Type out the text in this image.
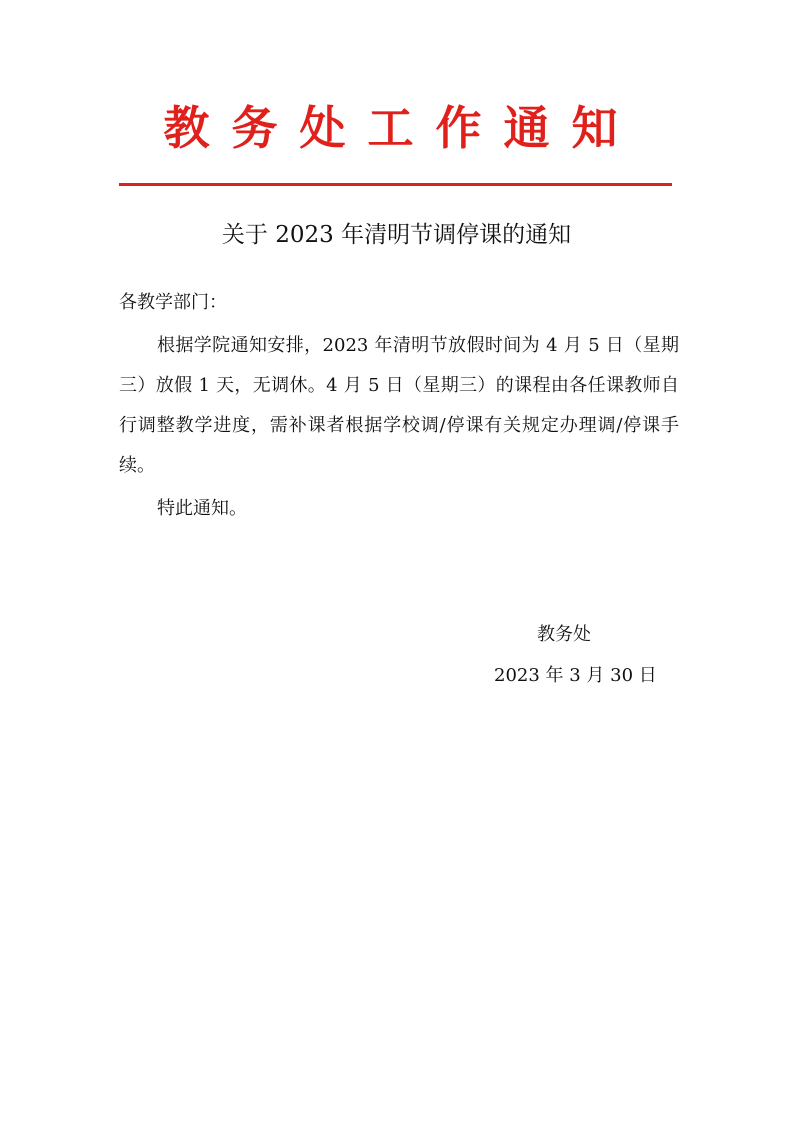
教务处工作通知
关于 2023 年清明节调停课的通知
各教学部门：
根据学院通知安排，2023 年清明节放假时间为 4 月 5 日（星期三）放假 1 天，无调休。4 月 5 日（星期三）的课程由各任课教师自行调整教学进度，需补课者根据学校调/停课有关规定办理调/停课手续。
特此通知。
教务处
2023 年 3 月 30 日
